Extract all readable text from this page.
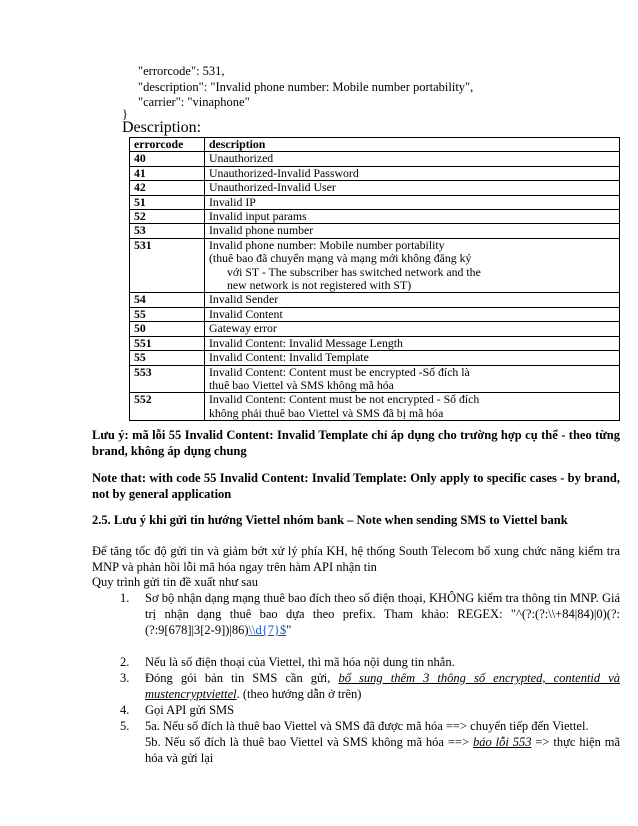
"errorcode": 531,
"description": "Invalid phone number: Mobile number portability",
"carrier": "vinaphone"
}
Description:
errorcode	description
40	Unauthorized
41	Unauthorized-Invalid Password
42	Unauthorized-Invalid User
51	Invalid IP
52	Invalid input params
53	Invalid phone number
531	Invalid phone number: Mobile number portability
(thuê bao đã chuyển mạng và mạng mới không đăng ký
với ST - The subscriber has switched network and the
new network is not registered with ST)

54	Invalid Sender
55	Invalid Content
50	Gateway error
551	Invalid Content: Invalid Message Length
55	Invalid Content: Invalid Template
553	Invalid Content: Content must be encrypted -Số đích là
thuê bao Viettel và SMS không mã hóa

552	Invalid Content: Content must be not encrypted - Số đích
không phải thuê bao Viettel và SMS đã bị mã hóa
Lưu ý: mã lỗi 55 Invalid Content: Invalid Template chỉ áp dụng cho trường hợp cụ thể - theo từng brand, không áp dụng chung
Note that: with code 55 Invalid Content: Invalid Template: Only apply to specific cases - by brand, not by general application
2.5. Lưu ý khi gửi tin hướng Viettel nhóm bank – Note when sending SMS to Viettel bank
Để tăng tốc độ gửi tin và giảm bớt xử lý phía KH, hệ thống South Telecom bổ xung chức năng kiểm tra MNP và phản hồi lỗi mã hóa ngay trên hàm API nhận tin
Quy trình gửi tin đề xuất như sau
1.	Sơ bộ nhận dạng mạng thuê bao đích theo số điện thoại, KHÔNG kiểm tra thông tin MNP. Giá trị nhận dạng thuê bao dựa theo prefix. Tham khảo: REGEX: "^(?:(?:\\+84|84)|0)(?:(?:9[678]|3[2-9])|86)\\d{7}$"
2.	Nếu là số điện thoại của Viettel, thì mã hóa nội dung tin nhắn.
3.	Đóng gói bản tin SMS cần gửi, bổ sung thêm 3 thông số encrypted, contentid và mustencryptviettel. (theo hướng dẫn ở trên)
4.	Gọi API gửi SMS
5.	5a. Nếu số đích là thuê bao Viettel và SMS đã được mã hóa ==> chuyển tiếp đến Viettel.
5b. Nếu số đích là thuê bao Viettel và SMS không mã hóa ==> báo lỗi 553 => thực hiện mã hóa và gửi lại
